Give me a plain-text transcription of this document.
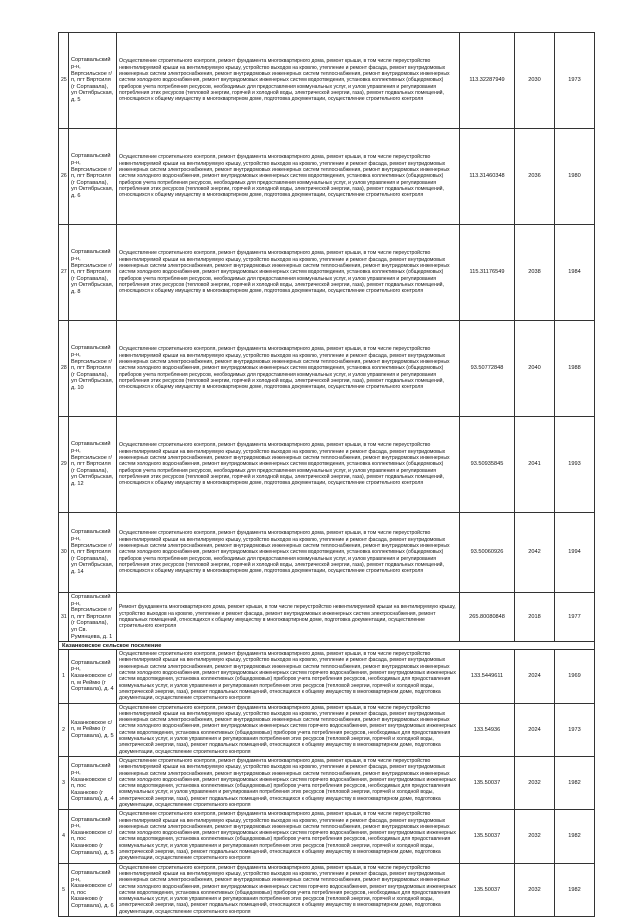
25	Сортавальский р-н, Вяртсильское г/п, пгт Вяртсиля (г Сортавала), ул Октябрьская, д. 5	Осуществление строительного контроля, ремонт фундамента многоквартирного дома, ремонт крыши, в том числе переустройство невентилируемой крыши на вентилируемую крышу, устройство выходов на кровлю, утепление и ремонт фасада, ремонт внутридомовых инженерных систем электроснабжения, ремонт внутридомовых инженерных систем теплоснабжения, ремонт внутридомовых инженерных систем холодного водоснабжения, ремонт внутридомовых инженерных систем водоотведения, установка коллективных (общедомовых) приборов учета потребления ресурсов, необходимых для предоставления коммунальных услуг, и узлов управления и регулирования потребления этих ресурсов (тепловой энергии, горячей и холодной воды, электрической энергии, газа), ремонт подвальных помещений, относящихся к общему имуществу в многоквартирном доме, подготовка документации, осуществление строительного контроля	113.32287949	2030	1973
26	Сортавальский р-н, Вяртсильское г/п, пгт Вяртсиля (г Сортавала), ул Октябрьская, д. 6	Осуществление строительного контроля, ремонт фундамента многоквартирного дома, ремонт крыши, в том числе переустройство невентилируемой крыши на вентилируемую крышу, устройство выходов на кровлю, утепление и ремонт фасада, ремонт внутридомовых инженерных систем электроснабжения, ремонт внутридомовых инженерных систем теплоснабжения, ремонт внутридомовых инженерных систем холодного водоснабжения, ремонт внутридомовых инженерных систем водоотведения, установка коллективных (общедомовых) приборов учета потребления ресурсов, необходимых для предоставления коммунальных услуг, и узлов управления и регулирования потребления этих ресурсов (тепловой энергии, горячей и холодной воды, электрической энергии, газа), ремонт подвальных помещений, относящихся к общему имуществу в многоквартирном доме, подготовка документации, осуществление строительного контроля	113.31460348	2036	1980
27	Сортавальский р-н, Вяртсильское г/п, пгт Вяртсиля (г Сортавала), ул Октябрьская, д. 8	Осуществление строительного контроля, ремонт фундамента многоквартирного дома, ремонт крыши, в том числе переустройство невентилируемой крыши на вентилируемую крышу, устройство выходов на кровлю, утепление и ремонт фасада, ремонт внутридомовых инженерных систем электроснабжения, ремонт внутридомовых инженерных систем теплоснабжения, ремонт внутридомовых инженерных систем холодного водоснабжения, ремонт внутридомовых инженерных систем водоотведения, установка коллективных (общедомовых) приборов учета потребления ресурсов, необходимых для предоставления коммунальных услуг, и узлов управления и регулирования потребления этих ресурсов (тепловой энергии, горячей и холодной воды, электрической энергии, газа), ремонт подвальных помещений, относящихся к общему имуществу в многоквартирном доме, подготовка документации, осуществление строительного контроля	115.31176549	2038	1984
28	Сортавальский р-н, Вяртсильское г/п, пгт Вяртсиля (г Сортавала), ул Октябрьская, д. 10	Осуществление строительного контроля, ремонт фундамента многоквартирного дома, ремонт крыши, в том числе переустройство невентилируемой крыши на вентилируемую крышу, устройство выходов на кровлю, утепление и ремонт фасада, ремонт внутридомовых инженерных систем электроснабжения, ремонт внутридомовых инженерных систем теплоснабжения, ремонт внутридомовых инженерных систем холодного водоснабжения, ремонт внутридомовых инженерных систем водоотведения, установка коллективных (общедомовых) приборов учета потребления ресурсов, необходимых для предоставления коммунальных услуг, и узлов управления и регулирования потребления этих ресурсов (тепловой энергии, горячей и холодной воды, электрической энергии, газа), ремонт подвальных помещений, относящихся к общему имуществу в многоквартирном доме, подготовка документации, осуществление строительного контроля	93.50772848	2040	1988
29	Сортавальский р-н, Вяртсильское г/п, пгт Вяртсиля (г Сортавала), ул Октябрьская, д. 12	Осуществление строительного контроля, ремонт фундамента многоквартирного дома, ремонт крыши, в том числе переустройство невентилируемой крыши на вентилируемую крышу, устройство выходов на кровлю, утепление и ремонт фасада, ремонт внутридомовых инженерных систем электроснабжения, ремонт внутридомовых инженерных систем теплоснабжения, ремонт внутридомовых инженерных систем холодного водоснабжения, ремонт внутридомовых инженерных систем водоотведения, установка коллективных (общедомовых) приборов учета потребления ресурсов, необходимых для предоставления коммунальных услуг, и узлов управления и регулирования потребления этих ресурсов (тепловой энергии, горячей и холодной воды, электрической энергии, газа), ремонт подвальных помещений, относящихся к общему имуществу в многоквартирном доме, подготовка документации, осуществление строительного контроля	93.50935845	2041	1993
30	Сортавальский р-н, Вяртсильское г/п, пгт Вяртсиля (г Сортавала), ул Октябрьская, д. 14	Осуществление строительного контроля, ремонт фундамента многоквартирного дома, ремонт крыши, в том числе переустройство невентилируемой крыши на вентилируемую крышу, устройство выходов на кровлю, утепление и ремонт фасада, ремонт внутридомовых инженерных систем электроснабжения, ремонт внутридомовых инженерных систем теплоснабжения, ремонт внутридомовых инженерных систем холодного водоснабжения, ремонт внутридомовых инженерных систем водоотведения, установка коллективных (общедомовых) приборов учета потребления ресурсов, необходимых для предоставления коммунальных услуг, и узлов управления и регулирования потребления этих ресурсов (тепловой энергии, горячей и холодной воды, электрической энергии, газа), ремонт подвальных помещений, относящихся к общему имуществу в многоквартирном доме, подготовка документации, осуществление строительного контроля	93.50060926	2042	1994
31	Сортавальский р-н, Вяртсильское г/п, пгт Вяртсиля (г Сортавала), ул Св. Румянцева, д. 1	Ремонт фундамента многоквартирного дома, ремонт крыши, в том числе переустройство невентилируемой крыши на вентилируемую крышу, устройство выходов на кровлю, утепление и ремонт фасада, ремонт внутридомовых инженерных систем электроснабжения, ремонт подвальных помещений, относящихся к общему имуществу в многоквартирном доме, подготовка документации, осуществление строительного контроля	265.80080848	2018	1977
Казанковское сельское поселение					
1	Сортавальский р-н, Казанковское с/п, м Реймю (г Сортавала), д. 4	Осуществление строительного контроля, ремонт фундамента многоквартирного дома, ремонт крыши, в том числе переустройство невентилируемой крыши на вентилируемую крышу, устройство выходов на кровлю, утепление и ремонт фасада, ремонт внутридомовых инженерных систем электроснабжения, ремонт внутридомовых инженерных систем теплоснабжения, ремонт внутридомовых инженерных систем холодного водоснабжения, ремонт внутридомовых инженерных систем горячего водоснабжения, ремонт внутридомовых инженерных систем водоотведения, установка коллективных (общедомовых) приборов учета потребления ресурсов, необходимых для предоставления коммунальных услуг, и узлов управления и регулирования потребления этих ресурсов (тепловой энергии, горячей и холодной воды, электрической энергии, газа), ремонт подвальных помещений, относящихся к общему имуществу в многоквартирном доме, подготовка документации, осуществление строительного контроля	133.5449611	2024	1969
2	Казанковское с/п, м Реймю (г Сортавала), д. 5	Осуществление строительного контроля, ремонт фундамента многоквартирного дома, ремонт крыши, в том числе переустройство невентилируемой крыши на вентилируемую крышу, устройство выходов на кровлю, утепление и ремонт фасада, ремонт внутридомовых инженерных систем электроснабжения, ремонт внутридомовых инженерных систем теплоснабжения, ремонт внутридомовых инженерных систем холодного водоснабжения, ремонт внутридомовых инженерных систем горячего водоснабжения, ремонт внутридомовых инженерных систем водоотведения, установка коллективных (общедомовых) приборов учета потребления ресурсов, необходимых для предоставления коммунальных услуг, и узлов управления и регулирования потребления этих ресурсов (тепловой энергии, горячей и холодной воды, электрической энергии, газа), ремонт подвальных помещений, относящихся к общему имуществу в многоквартирном доме, подготовка документации, осуществление строительного контроля	133.54936	2024	1973
3	Сортавальский р-н, Казанковское с/п, пос Казанково (г Сортавала), д. 4	Осуществление строительного контроля, ремонт фундамента многоквартирного дома, ремонт крыши, в том числе переустройство невентилируемой крыши на вентилируемую крышу, устройство выходов на кровлю, утепление и ремонт фасада, ремонт внутридомовых инженерных систем электроснабжения, ремонт внутридомовых инженерных систем теплоснабжения, ремонт внутридомовых инженерных систем холодного водоснабжения, ремонт внутридомовых инженерных систем горячего водоснабжения, ремонт внутридомовых инженерных систем водоотведения, установка коллективных (общедомовых) приборов учета потребления ресурсов, необходимых для предоставления коммунальных услуг, и узлов управления и регулирования потребления этих ресурсов (тепловой энергии, горячей и холодной воды, электрической энергии, газа), ремонт подвальных помещений, относящихся к общему имуществу в многоквартирном доме, подготовка документации, осуществление строительного контроля	135.50037	2032	1982
4	Сортавальский р-н, Казанковское с/п, пос Казанково (г Сортавала), д. 5	Осуществление строительного контроля, ремонт фундамента многоквартирного дома, ремонт крыши, в том числе переустройство невентилируемой крыши на вентилируемую крышу, устройство выходов на кровлю, утепление и ремонт фасада, ремонт внутридомовых инженерных систем электроснабжения, ремонт внутридомовых инженерных систем теплоснабжения, ремонт внутридомовых инженерных систем холодного водоснабжения, ремонт внутридомовых инженерных систем горячего водоснабжения, ремонт внутридомовых инженерных систем водоотведения, установка коллективных (общедомовых) приборов учета потребления ресурсов, необходимых для предоставления коммунальных услуг, и узлов управления и регулирования потребления этих ресурсов (тепловой энергии, горячей и холодной воды, электрической энергии, газа), ремонт подвальных помещений, относящихся к общему имуществу в многоквартирном доме, подготовка документации, осуществление строительного контроля	135.50037	2032	1982
5	Сортавальский р-н, Казанковское с/п, пос Казанково (г Сортавала), д. 6	Осуществление строительного контроля, ремонт фундамента многоквартирного дома, ремонт крыши, в том числе переустройство невентилируемой крыши на вентилируемую крышу, устройство выходов на кровлю, утепление и ремонт фасада, ремонт внутридомовых инженерных систем электроснабжения, ремонт внутридомовых инженерных систем теплоснабжения, ремонт внутридомовых инженерных систем холодного водоснабжения, ремонт внутридомовых инженерных систем горячего водоснабжения, ремонт внутридомовых инженерных систем водоотведения, установка коллективных (общедомовых) приборов учета потребления ресурсов, необходимых для предоставления коммунальных услуг, и узлов управления и регулирования потребления этих ресурсов (тепловой энергии, горячей и холодной воды, электрической энергии, газа), ремонт подвальных помещений, относящихся к общему имуществу в многоквартирном доме, подготовка документации, осуществление строительного контроля	135.50037	2032	1982
